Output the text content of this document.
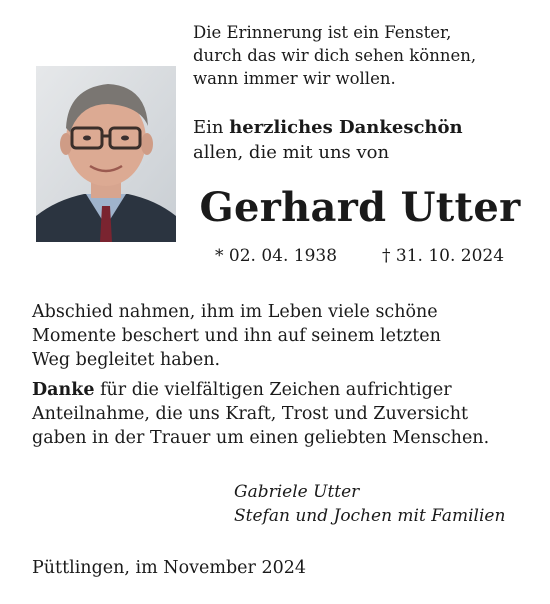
Die Erinnerung ist ein Fenster,
durch das wir dich sehen können,
wann immer wir wollen.
Ein herzliches Dankeschön
allen, die mit uns von
Gerhard Utter
* 02. 04. 1938	† 31. 10. 2024
Abschied nahmen, ihm im Leben viele schöne
Momente beschert und ihn auf seinem letzten
Weg begleitet haben.
Danke für die vielfältigen Zeichen aufrichtiger
Anteilnahme, die uns Kraft, Trost und Zuversicht
gaben in der Trauer um einen geliebten Menschen.
Gabriele Utter
Stefan und Jochen mit Familien
Püttlingen, im November 2024
